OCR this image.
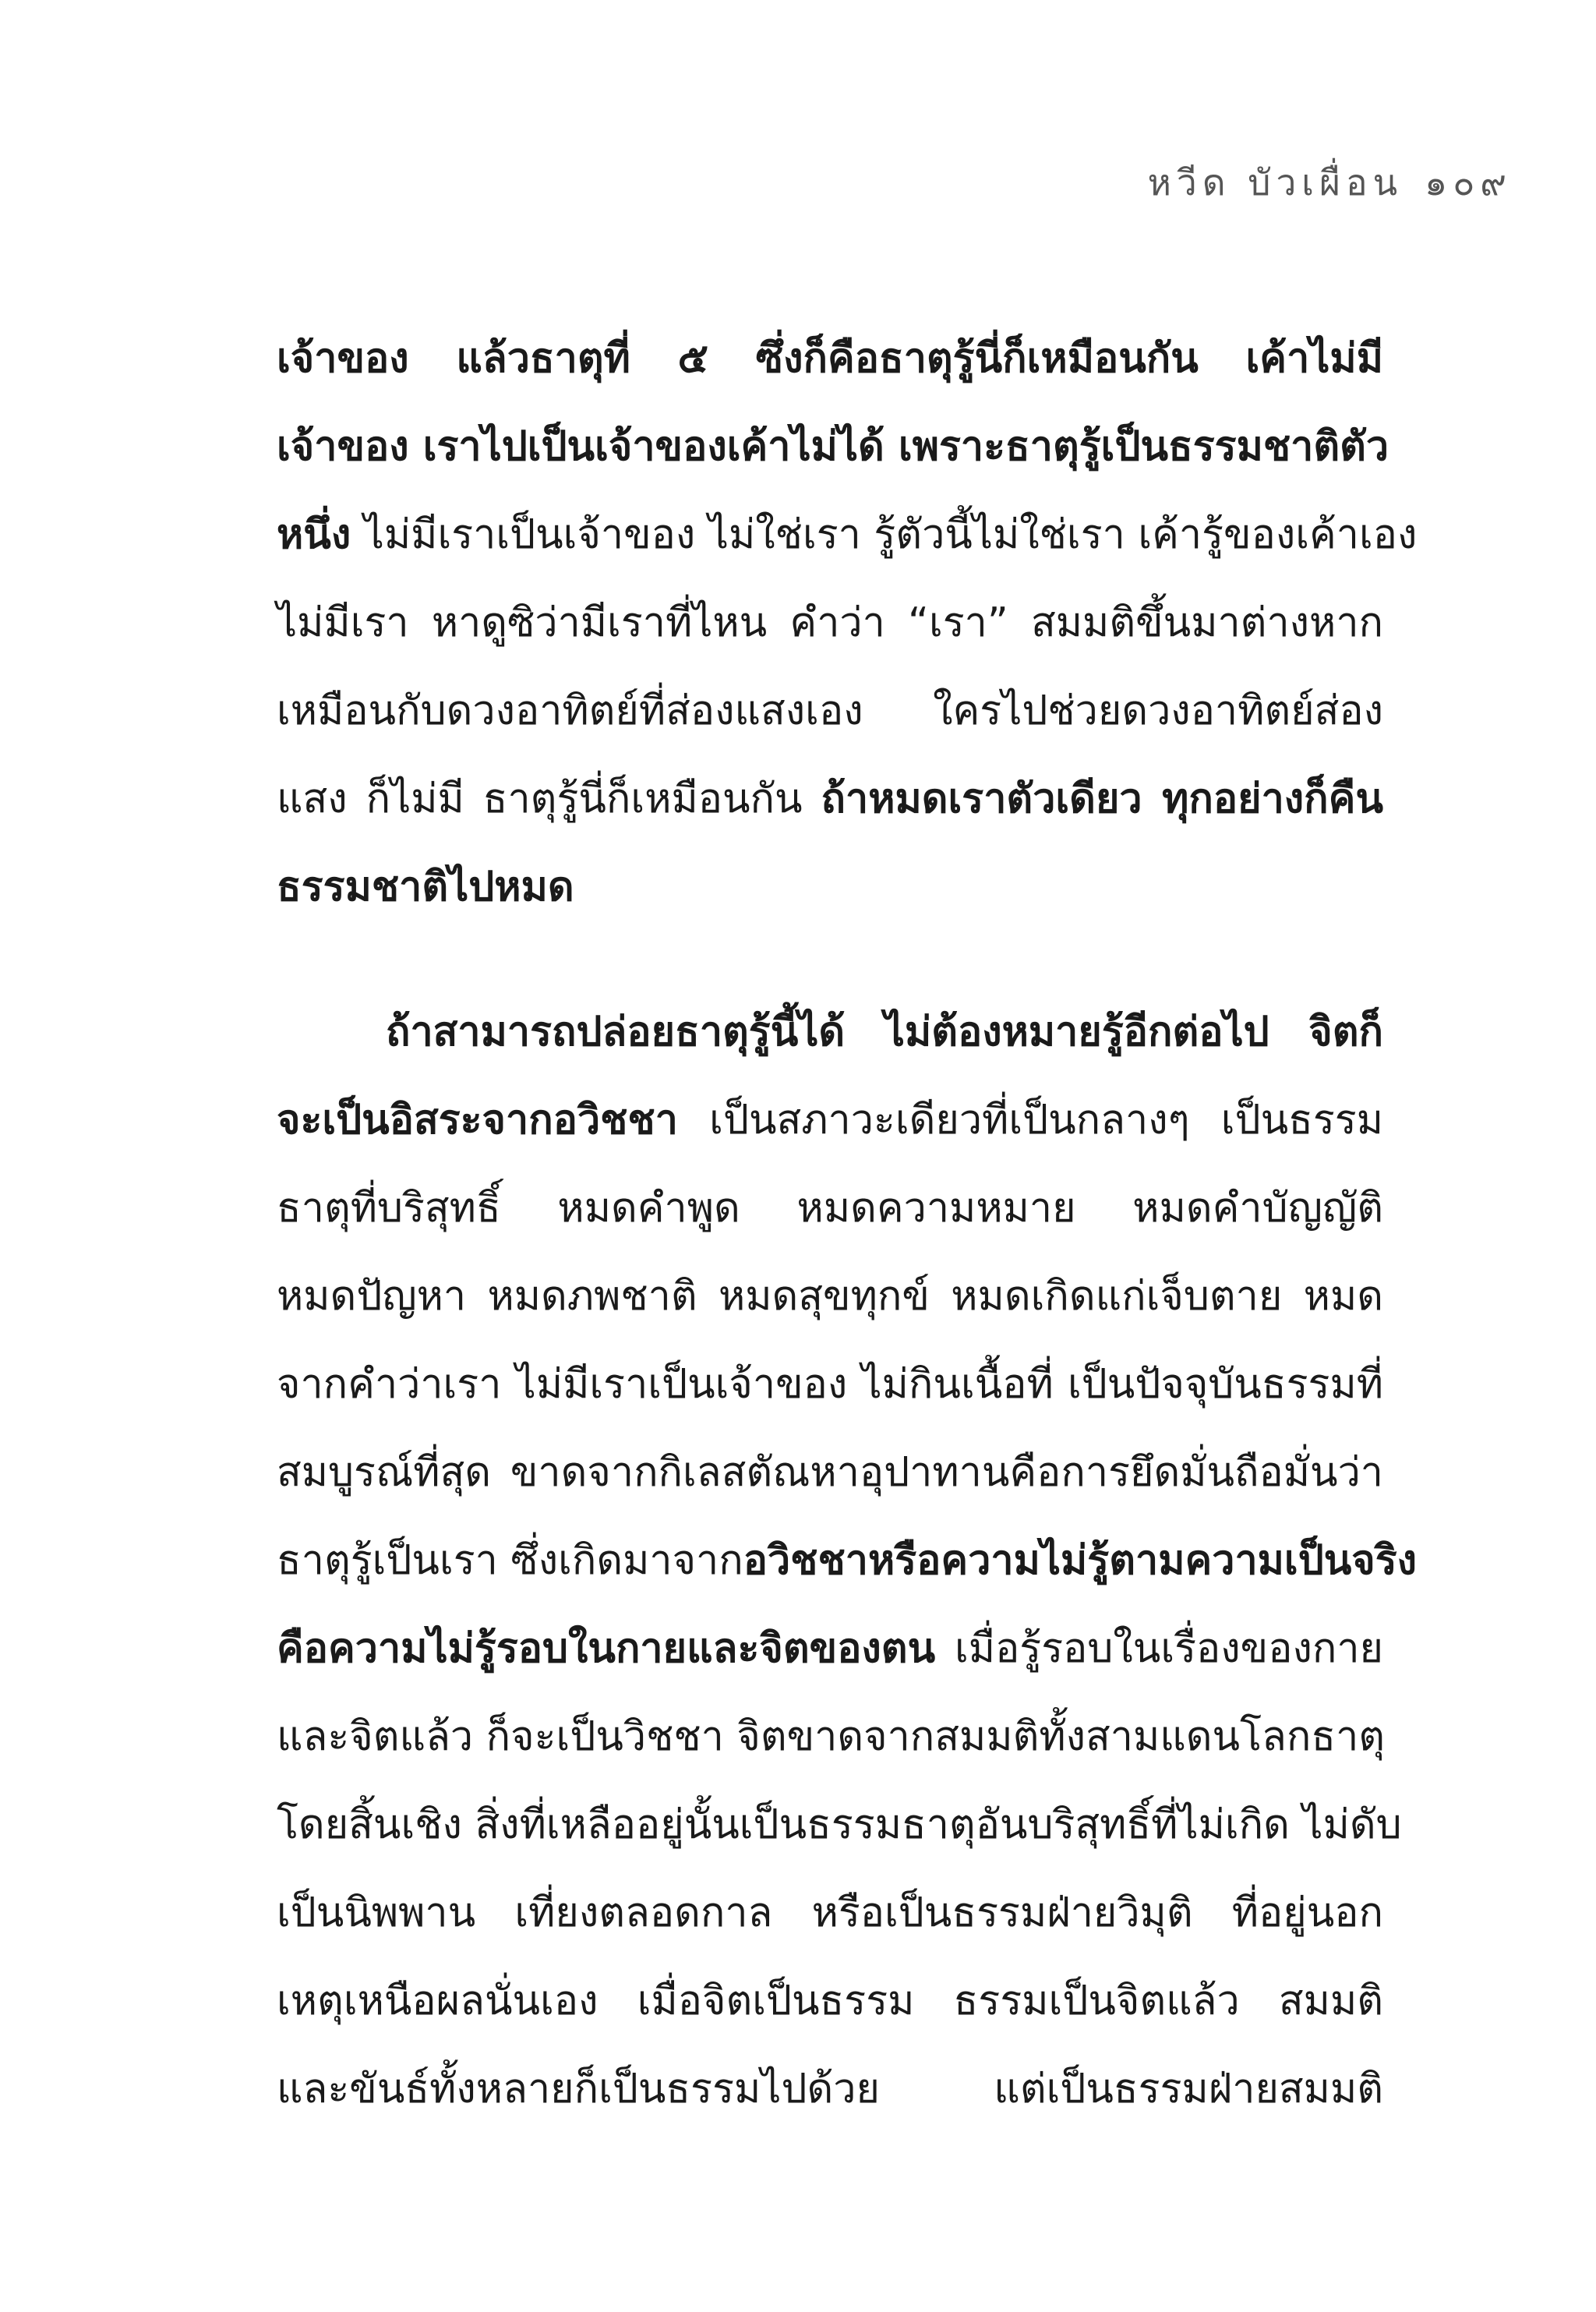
หวีด บัวเผื่อน ๑๐๙
เจ้าของ แล้วธาตุที่ ๕ ซึ่งก็คือธาตุรู้นี่ก็เหมือนกัน เค้าไม่มี
เจ้าของ เราไปเป็นเจ้าของเค้าไม่ได้ เพราะธาตุรู้เป็นธรรมชาติตัว
หนึ่ง ไม่มีเราเป็นเจ้าของ ไม่ใช่เรา รู้ตัวนี้ไม่ใช่เรา เค้ารู้ของเค้าเอง
ไม่มีเรา หาดูซิว่ามีเราที่ไหน คำว่า “เรา” สมมติขึ้นมาต่างหาก
เหมือนกับดวงอาทิตย์ที่ส่องแสงเอง ใครไปช่วยดวงอาทิตย์ส่อง
แสง ก็ไม่มี ธาตุรู้นี่ก็เหมือนกัน ถ้าหมดเราตัวเดียว ทุกอย่างก็คืน
ธรรมชาติไปหมด
ถ้าสามารถปล่อยธาตุรู้นี้ได้ ไม่ต้องหมายรู้อีกต่อไป จิตก็
จะเป็นอิสระจากอวิชชา เป็นสภาวะเดียวที่เป็นกลางๆ เป็นธรรม
ธาตุที่บริสุทธิ์ หมดคำพูด หมดความหมาย หมดคำบัญญัติ
หมดปัญหา หมดภพชาติ หมดสุขทุกข์ หมดเกิดแก่เจ็บตาย หมด
จากคำว่าเรา ไม่มีเราเป็นเจ้าของ ไม่กินเนื้อที่ เป็นปัจจุบันธรรมที่
สมบูรณ์ที่สุด ขาดจากกิเลสตัณหาอุปาทานคือการยึดมั่นถือมั่นว่า
ธาตุรู้เป็นเรา ซึ่งเกิดมาจากอวิชชาหรือความไม่รู้ตามความเป็นจริง
คือความไม่รู้รอบในกายและจิตของตน เมื่อรู้รอบในเรื่องของกาย
และจิตแล้ว ก็จะเป็นวิชชา จิตขาดจากสมมติทั้งสามแดนโลกธาตุ
โดยสิ้นเชิง สิ่งที่เหลืออยู่นั้นเป็นธรรมธาตุอันบริสุทธิ์ที่ไม่เกิด ไม่ดับ
เป็นนิพพาน เที่ยงตลอดกาล หรือเป็นธรรมฝ่ายวิมุติ ที่อยู่นอก
เหตุเหนือผลนั่นเอง เมื่อจิตเป็นธรรม ธรรมเป็นจิตแล้ว สมมติ
และขันธ์ทั้งหลายก็เป็นธรรมไปด้วย แต่เป็นธรรมฝ่ายสมมติ
